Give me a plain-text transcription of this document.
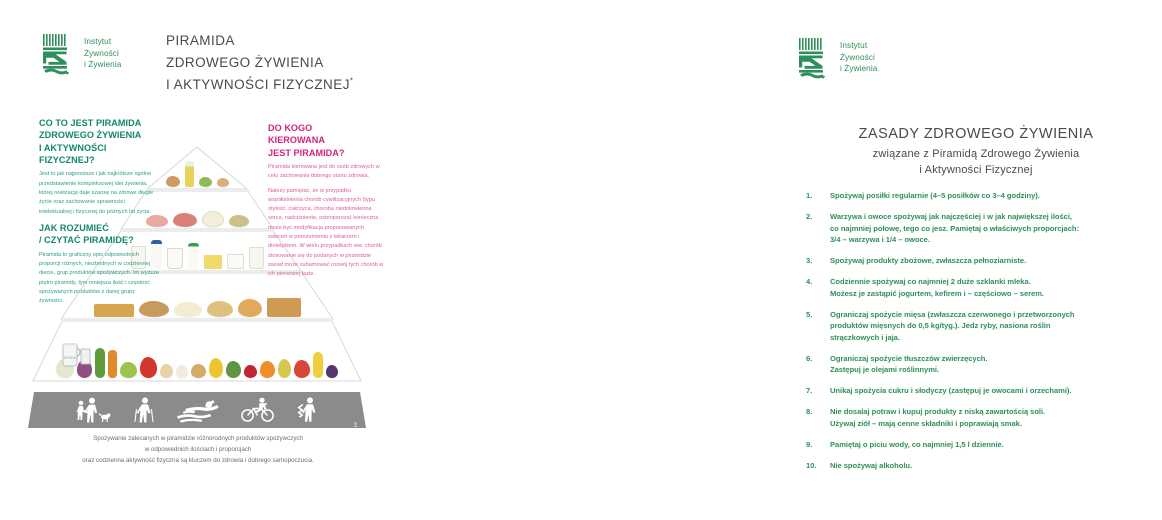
Instytut
Żywności
i Żywienia
PIRAMIDA
ZDROWEGO ŻYWIENIA
I AKTYWNOŚCI FIZYCZNEJ*
WODA
IŻŻ 2016
CO TO JEST PIRAMIDA
ZDROWEGO ŻYWIENIA
I AKTYWNOŚCI FIZYCZNEJ?

Jest to jak najprostsze i jak najkrótsze ogólne przedstawienie kompleksowej idei żywienia, której realizacja daje szansę na zdrowe długie życie oraz zachowanie sprawności intelektualnej i fizycznej do późnych lat życia.

JAK ROZUMIEĆ
/ CZYTAĆ PIRAMIDĘ?

Piramida to graficzny opis odpowiednich proporcji różnych, niezbędnych w codziennej diecie, grup produktów spożywczych. Im wyższe piętro piramidy, tym mniejsza ilość i częstość spożywanych produktów z danej grupy żywności.

DO KOGO
KIEROWANA
JEST PIRAMIDA?

Piramida kierowana jest do osób zdrowych w celu zachowania dobrego stanu zdrowia.

Należy pamiętać, że w przypadku współistnienia chorób cywilizacyjnych (typu otyłość, cukrzyca, choroba niedokrwienna serca, nadciśnienie, osteoporoza) konieczna może być modyfikacja proponowanych zaleceń w porozumieniu z lekarzem i dietetykiem. W wielu przypadkach ww. chorób stosowanie się do podanych w piramidzie zasad może zahamować rozwój tych chorób w ich pierwszej fazie.

Spożywanie zalecanych w piramidzie różnorodnych produktów spożywczych
w odpowiednich ilościach i proporcjach
oraz codzienna aktywność fizyczna są kluczem do zdrowia i dobrego samopoczucia.
Instytut
Żywności
i Żywienia
ZASADY ZDROWEGO ŻYWIENIA
związane z Piramidą Zdrowego Żywienia
i Aktywności Fizycznej
1.	Spożywaj posiłki regularnie (4–5 posiłków co 3–4 godziny).
2.	Warzywa i owoce spożywaj jak najczęściej i w jak największej ilości,
co najmniej połowę, tego co jesz. Pamiętaj o właściwych proporcjach:
3/4 – warzywa i 1/4 – owoce.
3.	Spożywaj produkty zbożowe, zwłaszcza pełnoziarniste.
4.	Codziennie spożywaj co najmniej 2 duże szklanki mleka.
Możesz je zastąpić jogurtem, kefirem i – częściowo – serem.
5.	Ograniczaj spożycie mięsa (zwłaszcza czerwonego i przetworzonych
produktów mięsnych do 0,5 kg/tyg.). Jedz ryby, nasiona roślin
strączkowych i jaja.
6.	Ograniczaj spożycie tłuszczów zwierzęcych.
Zastępuj je olejami roślinnymi.
7.	Unikaj spożycia cukru i słodyczy (zastępuj je owocami i orzechami).
8.	Nie dosalaj potraw i kupuj produkty z niską zawartością soli.
Używaj ziół – mają cenne składniki i poprawiają smak.
9.	Pamiętaj o piciu wody, co najmniej 1,5 l dziennie.
10.	Nie spożywaj alkoholu.
